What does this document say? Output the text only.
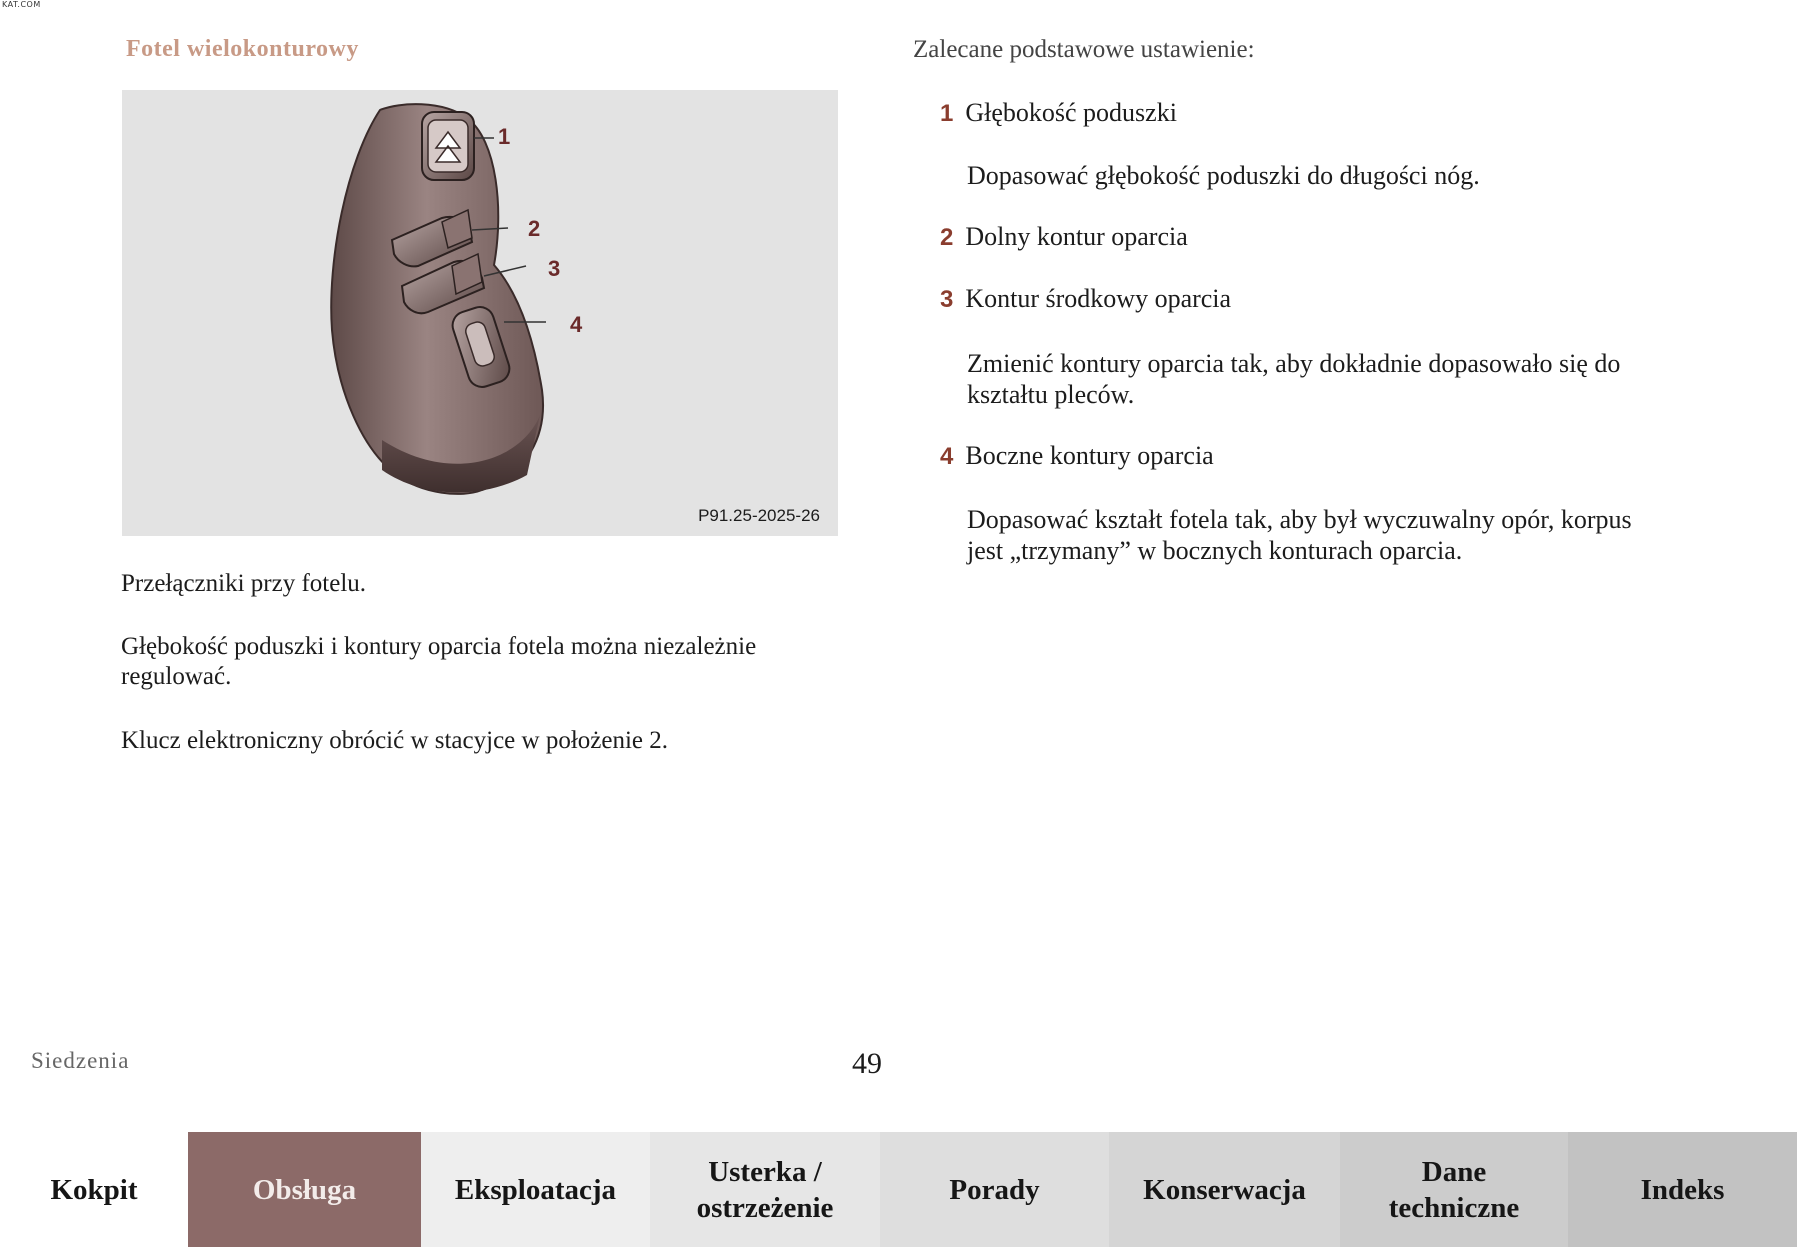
KAT.COM
Fotel wielokonturowy
1
2
3
4
P91.25-2025-26

Przełączniki przy fotelu.

Głębokość poduszki i kontury oparcia fotela można niezależnie regulować.

Klucz elektroniczny obrócić w stacyjce w położenie 2.

Zalecane podstawowe ustawienie:
1 Głębokość poduszki

Dopasować głębokość poduszki do długości nóg.

2 Dolny kontur oparcia
3 Kontur środkowy oparcia

Zmienić kontury oparcia tak, aby dokładnie dopasowało się do kształtu pleców.

4 Boczne kontury oparcia

Dopasować kształt fotela tak, aby był wyczuwalny opór, korpus jest „trzymany” w bocznych konturach oparcia.

Siedzenia	49
Kokpit	Obsługa	Eksploatacja
Usterka /
ostrzeżenie
Porady	Konserwacja
Dane
techniczne
Indeks
